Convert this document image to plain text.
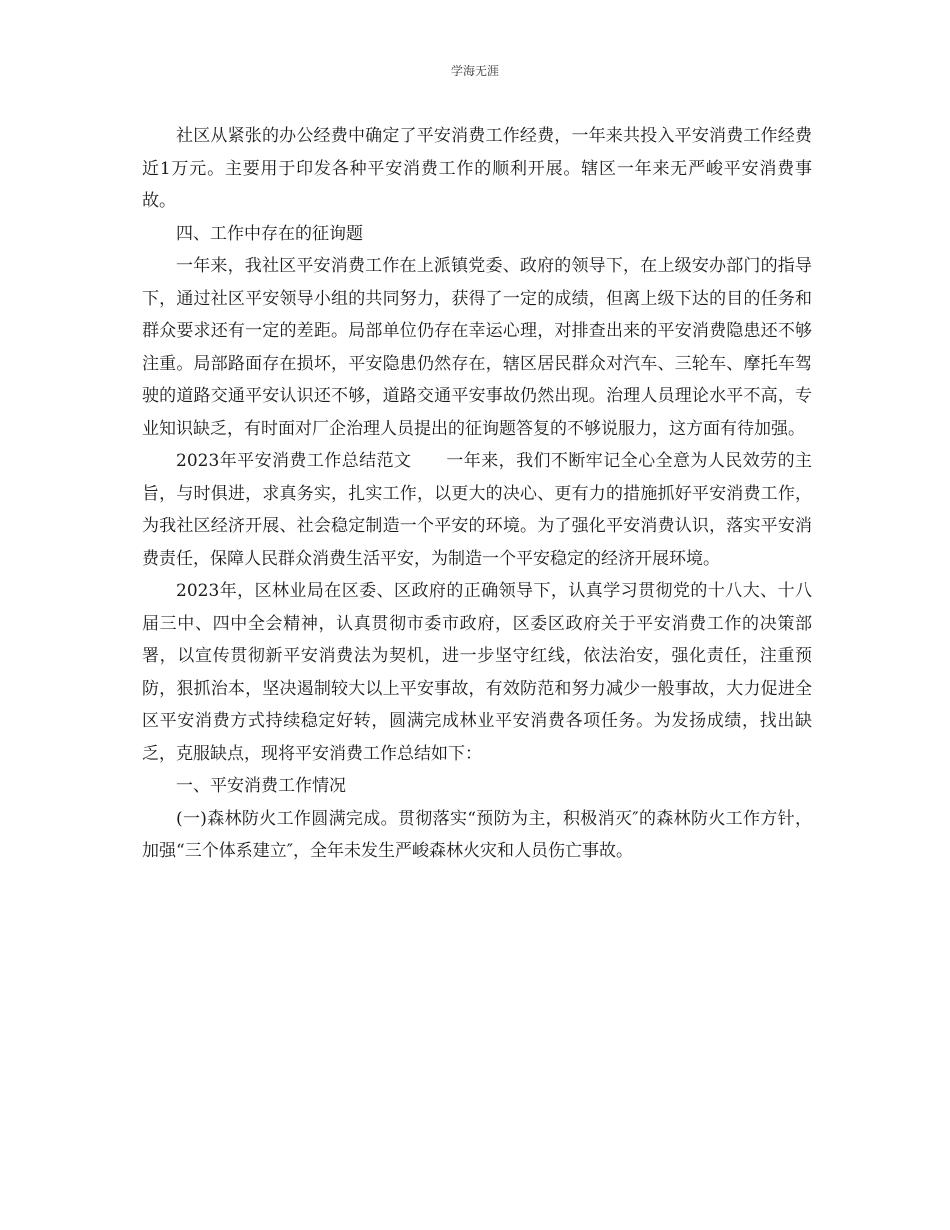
学海无涯

社区从紧张的办公经费中确定了平安消费工作经费，一年来共投入平安消费工作经费近1万元。主要用于印发各种平安消费工作的顺利开展。辖区一年来无严峻平安消费事故。

四、工作中存在的征询题

一年来，我社区平安消费工作在上派镇党委、政府的领导下，在上级安办部门的指导下，通过社区平安领导小组的共同努力，获得了一定的成绩，但离上级下达的目的任务和群众要求还有一定的差距。局部单位仍存在幸运心理，对排查出来的平安消费隐患还不够注重。局部路面存在损坏，平安隐患仍然存在，辖区居民群众对汽车、三轮车、摩托车驾驶的道路交通平安认识还不够，道路交通平安事故仍然出现。治理人员理论水平不高，专业知识缺乏，有时面对厂企治理人员提出的征询题答复的不够说服力，这方面有待加强。

2023年平安消费工作总结范文　　一年来，我们不断牢记全心全意为人民效劳的主旨，与时俱进，求真务实，扎实工作，以更大的决心、更有力的措施抓好平安消费工作，为我社区经济开展、社会稳定制造一个平安的环境。为了强化平安消费认识，落实平安消费责任，保障人民群众消费生活平安，为制造一个平安稳定的经济开展环境。

2023年，区林业局在区委、区政府的正确领导下，认真学习贯彻党的十八大、十八届三中、四中全会精神，认真贯彻市委市政府，区委区政府关于平安消费工作的决策部署，以宣传贯彻新平安消费法为契机，进一步坚守红线，依法治安，强化责任，注重预防，狠抓治本，坚决遏制较大以上平安事故，有效防范和努力减少一般事故，大力促进全区平安消费方式持续稳定好转，圆满完成林业平安消费各项任务。为发扬成绩，找出缺乏，克服缺点，现将平安消费工作总结如下：

一、平安消费工作情况

(一)森林防火工作圆满完成。贯彻落实“预防为主，积极消灭″的森林防火工作方针，加强“三个体系建立″，全年未发生严峻森林火灾和人员伤亡事故。
